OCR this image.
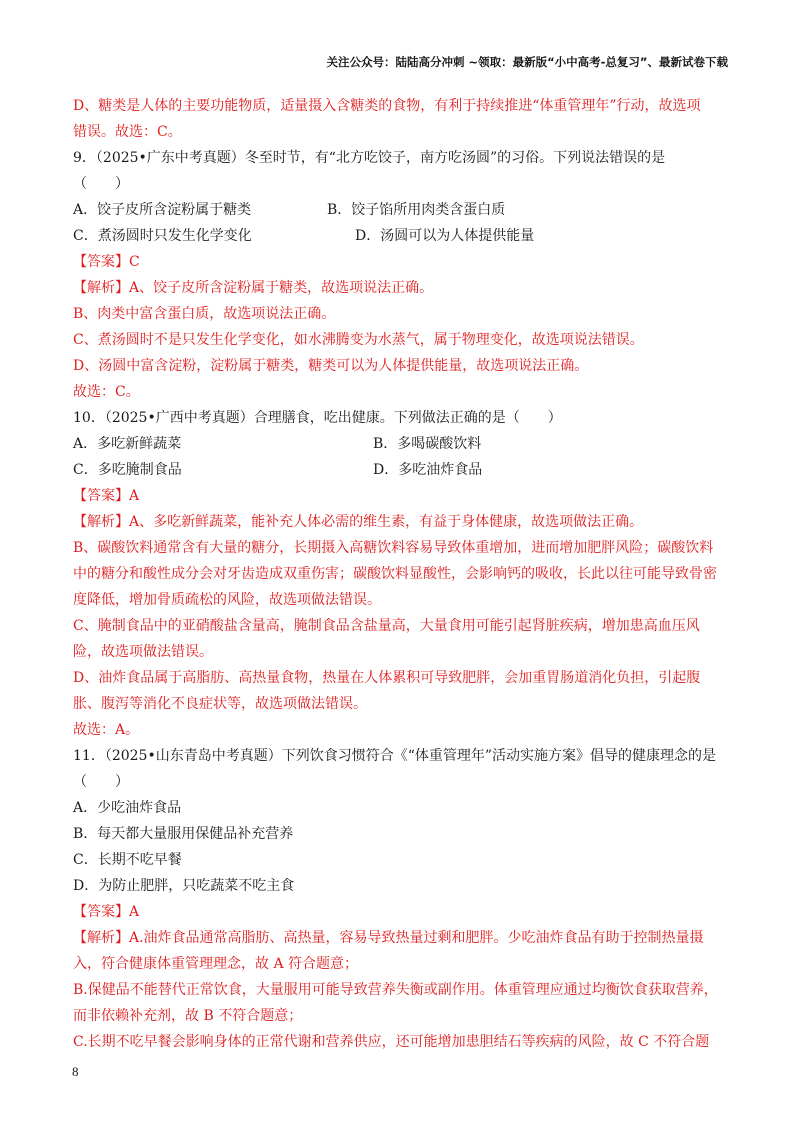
关注公众号：陆陆高分冲刺 ~领取：最新版“小中高考-总复习”、最新试卷下载
D、糖类是人体的主要功能物质，适量摄入含糖类的食物，有利于持续推进“体重管理年”行动，故选项
错误。故选：C。
9．（2025•广东中考真题）冬至时节，有“北方吃饺子，南方吃汤圆”的习俗。下列说法错误的是
（　　）
A．饺子皮所含淀粉属于糖类	B．饺子馅所用肉类含蛋白质
C．煮汤圆时只发生化学变化	D．汤圆可以为人体提供能量
【答案】C
【解析】A、饺子皮所含淀粉属于糖类，故选项说法正确。
B、肉类中富含蛋白质，故选项说法正确。
C、煮汤圆时不是只发生化学变化，如水沸腾变为水蒸气，属于物理变化，故选项说法错误。
D、汤圆中富含淀粉，淀粉属于糖类，糖类可以为人体提供能量，故选项说法正确。
故选：C。
10．（2025•广西中考真题）合理膳食，吃出健康。下列做法正确的是（　　）
A．多吃新鲜蔬菜	B．多喝碳酸饮料
C．多吃腌制食品	D．多吃油炸食品
【答案】A
【解析】A、多吃新鲜蔬菜，能补充人体必需的维生素，有益于身体健康，故选项做法正确。
B、碳酸饮料通常含有大量的糖分，长期摄入高糖饮料容易导致体重增加，进而增加肥胖风险；碳酸饮料
中的糖分和酸性成分会对牙齿造成双重伤害；碳酸饮料显酸性，会影响钙的吸收，长此以往可能导致骨密
度降低，增加骨质疏松的风险，故选项做法错误。
C、腌制食品中的亚硝酸盐含量高，腌制食品含盐量高，大量食用可能引起肾脏疾病，增加患高血压风
险，故选项做法错误。
D、油炸食品属于高脂肪、高热量食物，热量在人体累积可导致肥胖，会加重胃肠道消化负担，引起腹
胀、腹泻等消化不良症状等，故选项做法错误。
故选：A。
11．（2025•山东青岛中考真题）下列饮食习惯符合《“体重管理年”活动实施方案》倡导的健康理念的是
（　　）
A．少吃油炸食品
B．每天都大量服用保健品补充营养
C．长期不吃早餐
D．为防止肥胖，只吃蔬菜不吃主食
【答案】A
【解析】A.油炸食品通常高脂肪、高热量，容易导致热量过剩和肥胖。少吃油炸食品有助于控制热量摄
入，符合健康体重管理理念，故 A 符合题意；
B.保健品不能替代正常饮食，大量服用可能导致营养失衡或副作用。体重管理应通过均衡饮食获取营养，
而非依赖补充剂，故 B 不符合题意；
C.长期不吃早餐会影响身体的正常代谢和营养供应，还可能增加患胆结石等疾病的风险，故 C 不符合题
8
